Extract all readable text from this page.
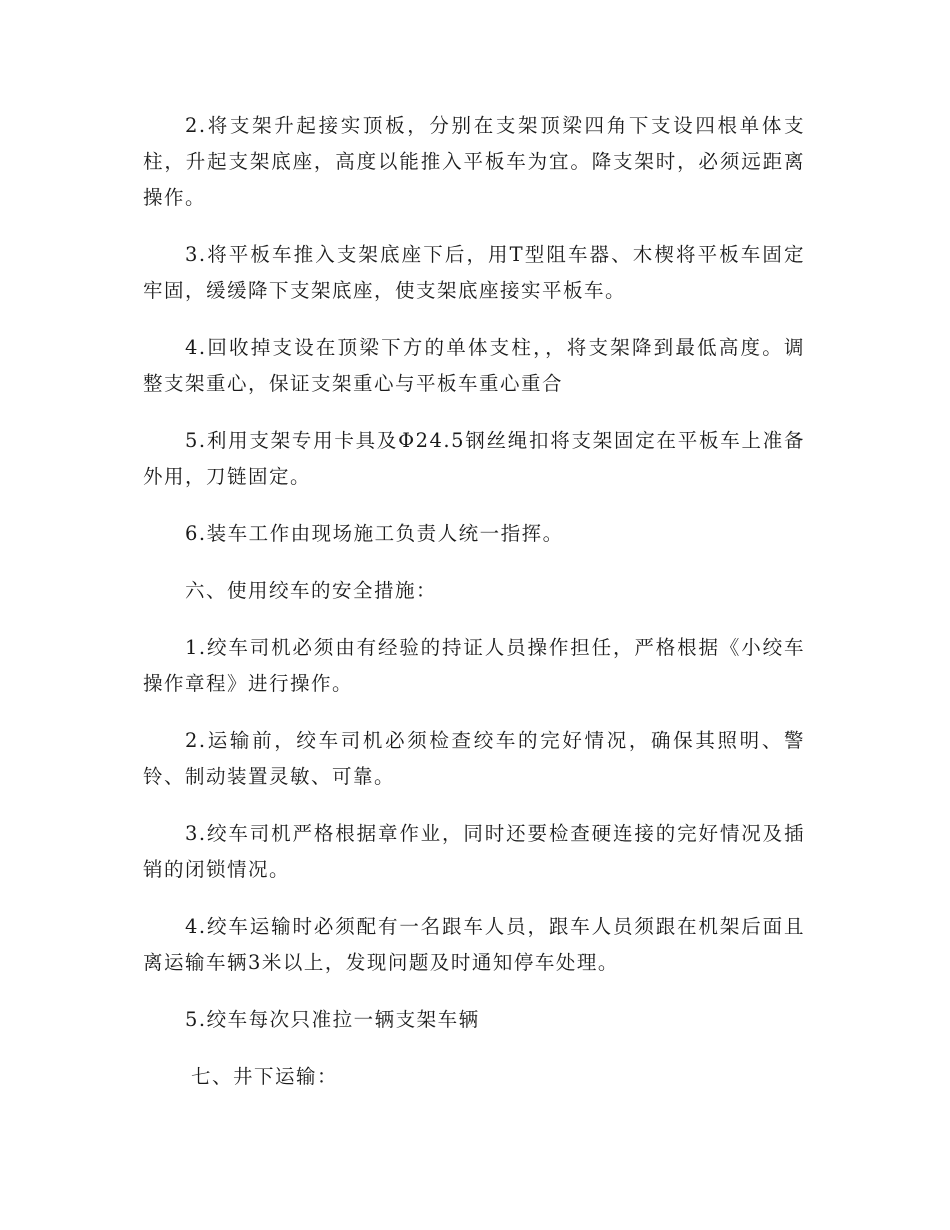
2.将支架升起接实顶板，分别在支架顶梁四角下支设四根单体支柱，升起支架底座，高度以能推入平板车为宜。降支架时，必须远距离操作。

3.将平板车推入支架底座下后，用T型阻车器、木楔将平板车固定牢固，缓缓降下支架底座，使支架底座接实平板车。

4.回收掉支设在顶梁下方的单体支柱，，将支架降到最低高度。调整支架重心，保证支架重心与平板车重心重合

5.利用支架专用卡具及Φ24.5钢丝绳扣将支架固定在平板车上准备外用，刀链固定。

6.装车工作由现场施工负责人统一指挥。

六、使用绞车的安全措施：

1.绞车司机必须由有经验的持证人员操作担任，严格根据《小绞车操作章程》进行操作。

2.运输前，绞车司机必须检查绞车的完好情况，确保其照明、警铃、制动装置灵敏、可靠。

3.绞车司机严格根据章作业，同时还要检查硬连接的完好情况及插销的闭锁情况。

4.绞车运输时必须配有一名跟车人员，跟车人员须跟在机架后面且离运输车辆3米以上，发现问题及时通知停车处理。

5.绞车每次只准拉一辆支架车辆

七、井下运输：
